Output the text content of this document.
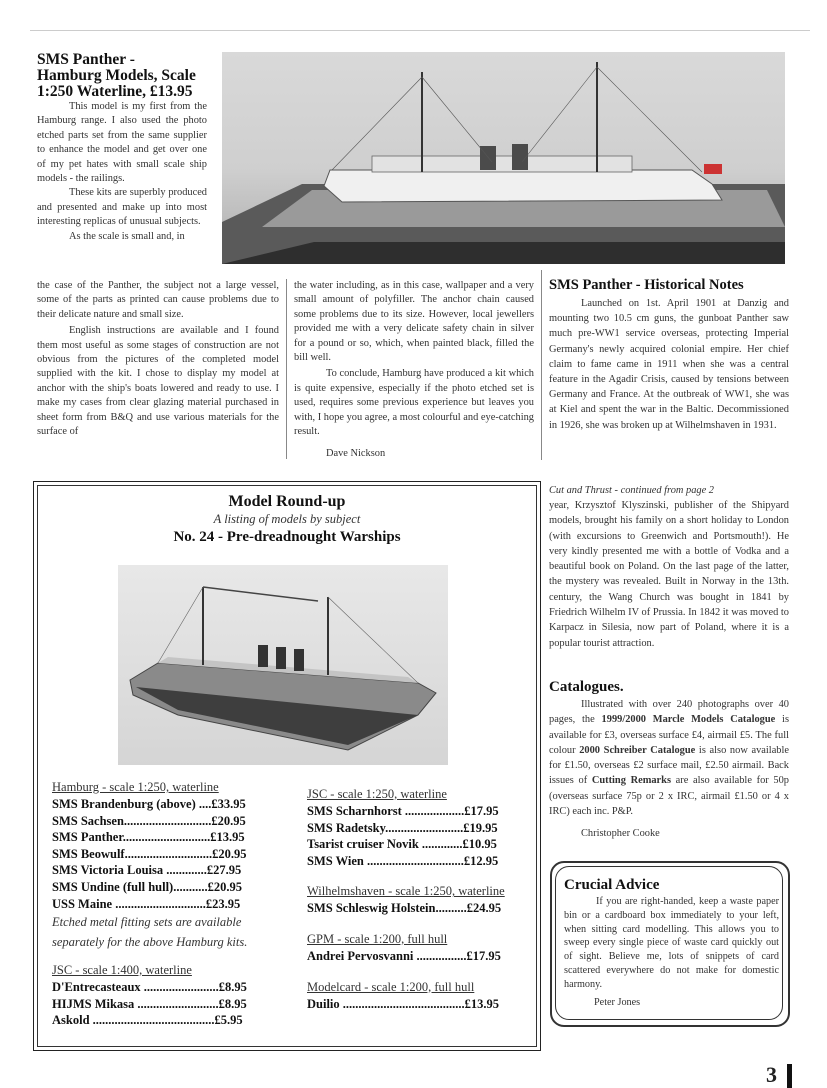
SMS Panther -
Hamburg Models, Scale
1:250 Waterline, £13.95
This model is my first from the Hamburg range. I also used the photo etched parts set from the same supplier to enhance the model and get over one of my pet hates with small scale ship models - the railings.
These kits are superbly produced and presented and make up into most interesting replicas of unusual subjects.
As the scale is small and, in
SMS Panther - Historical Notes
Launched on 1st. April 1901 at Danzig and mounting two 10.5 cm guns, the gunboat Panther saw much pre-WW1 service overseas, protecting Imperial Germany's newly acquired colonial empire. Her chief claim to fame came in 1911 when she was a central feature in the Agadir Crisis, caused by tensions between Germany and France. At the outbreak of WW1, she was at Kiel and spent the war in the Baltic. Decommissioned in 1926, she was broken up at Wilhelmshaven in 1931.
the case of the Panther, the subject not a large vessel, some of the parts as printed can cause problems due to their delicate nature and small size.
English instructions are available and I found them most useful as some stages of construction are not obvious from the pictures of the completed model supplied with the kit. I chose to display my model at anchor with the ship's boats lowered and ready to use. I make my cases from clear glazing material purchased in sheet form from B&Q and use various materials for the surface of
the water including, as in this case, wallpaper and a very small amount of polyfiller. The anchor chain caused some problems due to its size. However, local jewellers provided me with a very delicate safety chain in silver for a pound or so, which, when painted black, filled the bill well.
To conclude, Hamburg have produced a kit which is quite expensive, especially if the photo etched set is used, requires some previous experience but leaves you with, I hope you agree, a most colourful and eye-catching result.
Dave Nickson
Model Round-up
A listing of models by subject
No. 24 - Pre-dreadnought Warships
Hamburg - scale 1:250, waterline
SMS Brandenburg (above) ....£33.95
SMS Sachsen............................£20.95
SMS Panther............................£13.95
SMS Beowulf............................£20.95
SMS Victoria Louisa .............£27.95
SMS Undine (full hull)...........£20.95
USS Maine .............................£23.95
Etched metal fitting sets are available separately for the above Hamburg kits.
JSC - scale 1:400, waterline
D'Entrecasteaux ........................£8.95
HIJMS Mikasa ..........................£8.95
Askold .......................................£5.95
JSC - scale 1:250, waterline
SMS Scharnhorst ...................£17.95
SMS Radetsky.........................£19.95
Tsarist cruiser Novik .............£10.95
SMS Wien ...............................£12.95
Wilhelmshaven - scale 1:250, waterline
SMS Schleswig Holstein..........£24.95
GPM - scale 1:200, full hull
Andrei Pervosvanni ................£17.95
Modelcard - scale 1:200, full hull
Duilio .......................................£13.95
Cut and Thrust - continued from page 2
year, Krzysztof Klyszinski, publisher of the Shipyard models, brought his family on a short holiday to London (with excursions to Greenwich and Portsmouth!). He very kindly presented me with a bottle of Vodka and a beautiful book on Poland. On the last page of the latter, the mystery was revealed. Built in Norway in the 13th. century, the Wang Church was bought in 1841 by Friedrich Wilhelm IV of Prussia. In 1842 it was moved to Karpacz in Silesia, now part of Poland, where it is a popular tourist attraction.
Catalogues.
Illustrated with over 240 photographs over 40 pages, the 1999/2000 Marcle Models Catalogue is available for £3, overseas surface £4, airmail £5. The full colour 2000 Schreiber Catalogue is also now available for £1.50, overseas £2 surface mail, £2.50 airmail. Back issues of Cutting Remarks are also available for 50p (overseas surface 75p or 2 x IRC, airmail £1.50 or 4 x IRC) each inc. P&P.
Christopher Cooke
Crucial Advice
If you are right-handed, keep a waste paper bin or a cardboard box immediately to your left, when sitting card modelling. This allows you to sweep every single piece of waste card quickly out of sight. Believe me, lots of snippets of card scattered everywhere do not make for domestic harmony.
Peter Jones
3
